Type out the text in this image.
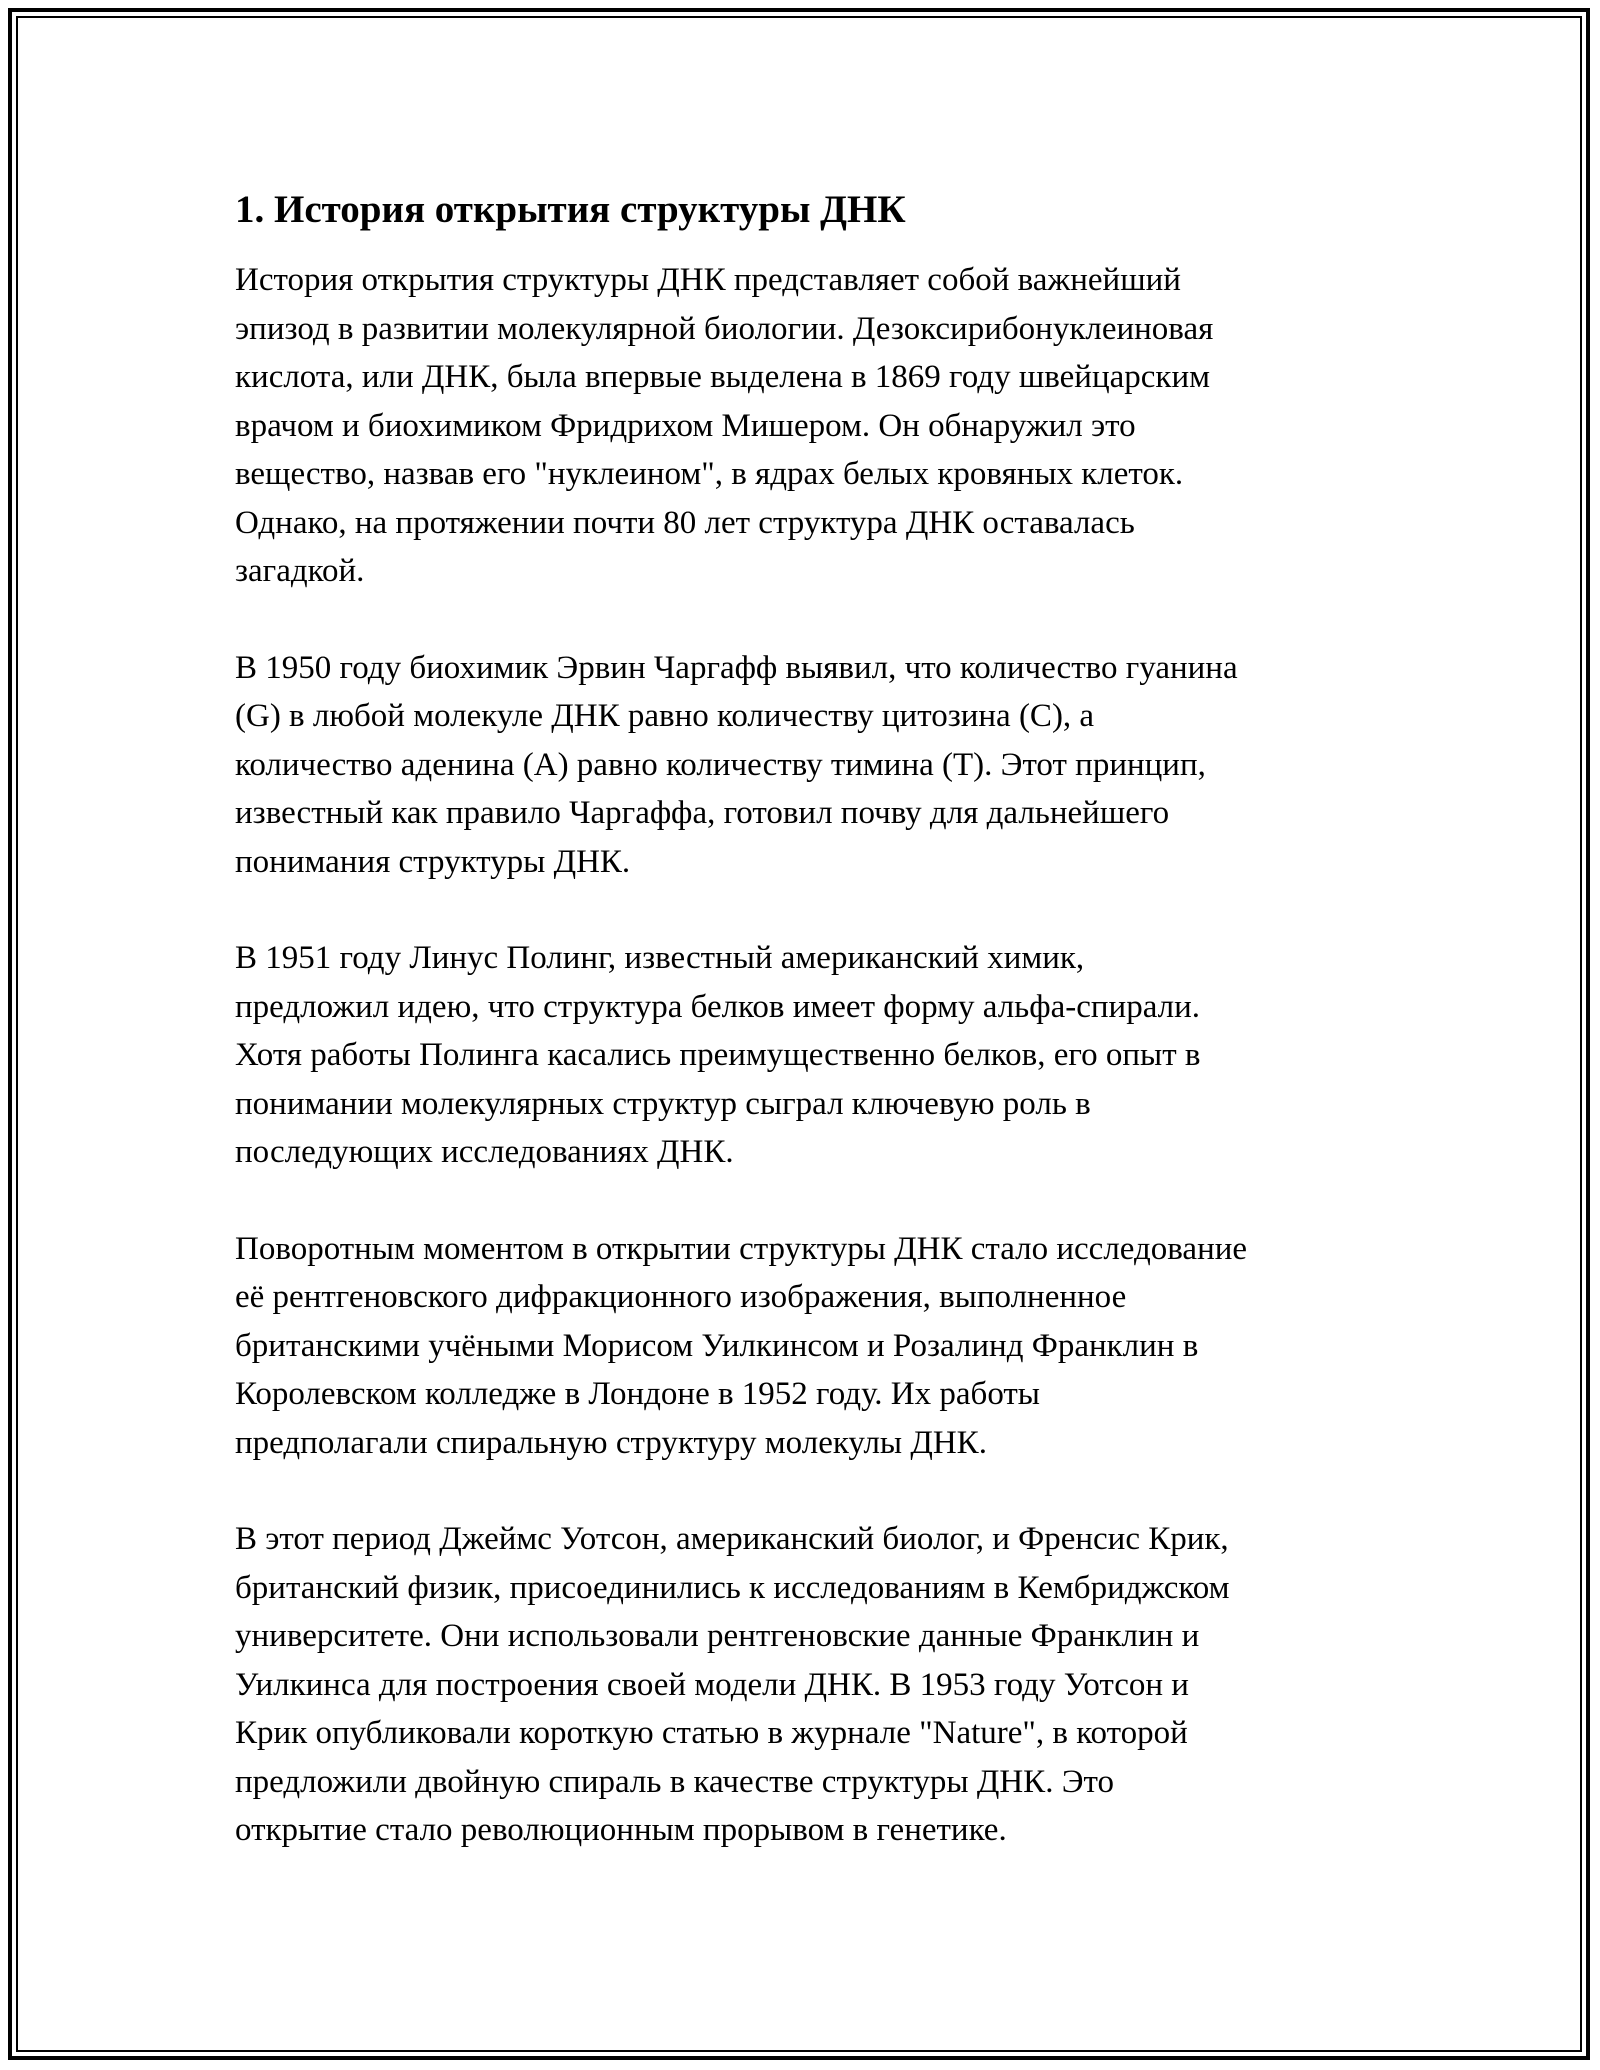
1. История открытия структуры ДНК
История открытия структуры ДНК представляет собой важнейший
эпизод в развитии молекулярной биологии. Дезоксирибонуклеиновая
кислота, или ДНК, была впервые выделена в 1869 году швейцарским
врачом и биохимиком Фридрихом Мишером. Он обнаружил это
вещество, назвав его "нуклеином", в ядрах белых кровяных клеток.
Однако, на протяжении почти 80 лет структура ДНК оставалась
загадкой.
В 1950 году биохимик Эрвин Чаргафф выявил, что количество гуанина
(G) в любой молекуле ДНК равно количеству цитозина (C), а
количество аденина (A) равно количеству тимина (T). Этот принцип,
известный как правило Чаргаффа, готовил почву для дальнейшего
понимания структуры ДНК.
В 1951 году Линус Полинг, известный американский химик,
предложил идею, что структура белков имеет форму альфа-спирали.
Хотя работы Полинга касались преимущественно белков, его опыт в
понимании молекулярных структур сыграл ключевую роль в
последующих исследованиях ДНК.
Поворотным моментом в открытии структуры ДНК стало исследование
её рентгеновского дифракционного изображения, выполненное
британскими учёными Морисом Уилкинсом и Розалинд Франклин в
Королевском колледже в Лондоне в 1952 году. Их работы
предполагали спиральную структуру молекулы ДНК.
В этот период Джеймс Уотсон, американский биолог, и Френсис Крик,
британский физик, присоединились к исследованиям в Кембриджском
университете. Они использовали рентгеновские данные Франклин и
Уилкинса для построения своей модели ДНК. В 1953 году Уотсон и
Крик опубликовали короткую статью в журнале "Nature", в которой
предложили двойную спираль в качестве структуры ДНК. Это
открытие стало революционным прорывом в генетике.
